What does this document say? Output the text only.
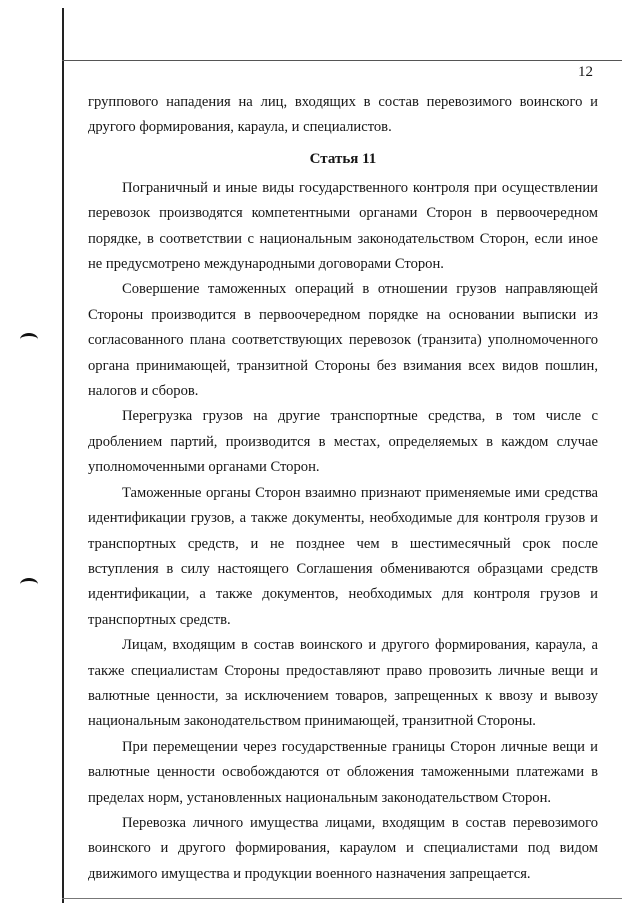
12

группового нападения на лиц, входящих в состав перевозимого воинского и другого формирования, караула, и специалистов.

Статья 11

Пограничный и иные виды государственного контроля при осуществлении перевозок производятся компетентными органами Сторон в первоочередном порядке, в соответствии с национальным законодательством Сторон, если иное не предусмотрено международными договорами Сторон.

Совершение таможенных операций в отношении грузов направляющей Стороны производится в первоочередном порядке на основании выписки из согласованного плана соответствующих перевозок (транзита) уполномоченного органа принимающей, транзитной Стороны без взимания всех видов пошлин, налогов и сборов.

Перегрузка грузов на другие транспортные средства, в том числе с дроблением партий, производится в местах, определяемых в каждом случае уполномоченными органами Сторон.

Таможенные органы Сторон взаимно признают применяемые ими средства идентификации грузов, а также документы, необходимые для контроля грузов и транспортных средств, и не позднее чем в шестимесячный срок после вступления в силу настоящего Соглашения обмениваются образцами средств идентификации, а также документов, необходимых для контроля грузов и транспортных средств.

Лицам, входящим в состав воинского и другого формирования, караула, а также специалистам Стороны предоставляют право провозить личные вещи и валютные ценности, за исключением товаров, запрещенных к ввозу и вывозу национальным законодательством принимающей, транзитной Стороны.

При перемещении через государственные границы Сторон личные вещи и валютные ценности освобождаются от обложения таможенными платежами в пределах норм, установленных национальным законодательством Сторон.

Перевозка личного имущества лицами, входящим в состав перевозимого воинского и другого формирования, караулом и специалистами под видом движимого имущества и продукции военного назначения запрещается.
